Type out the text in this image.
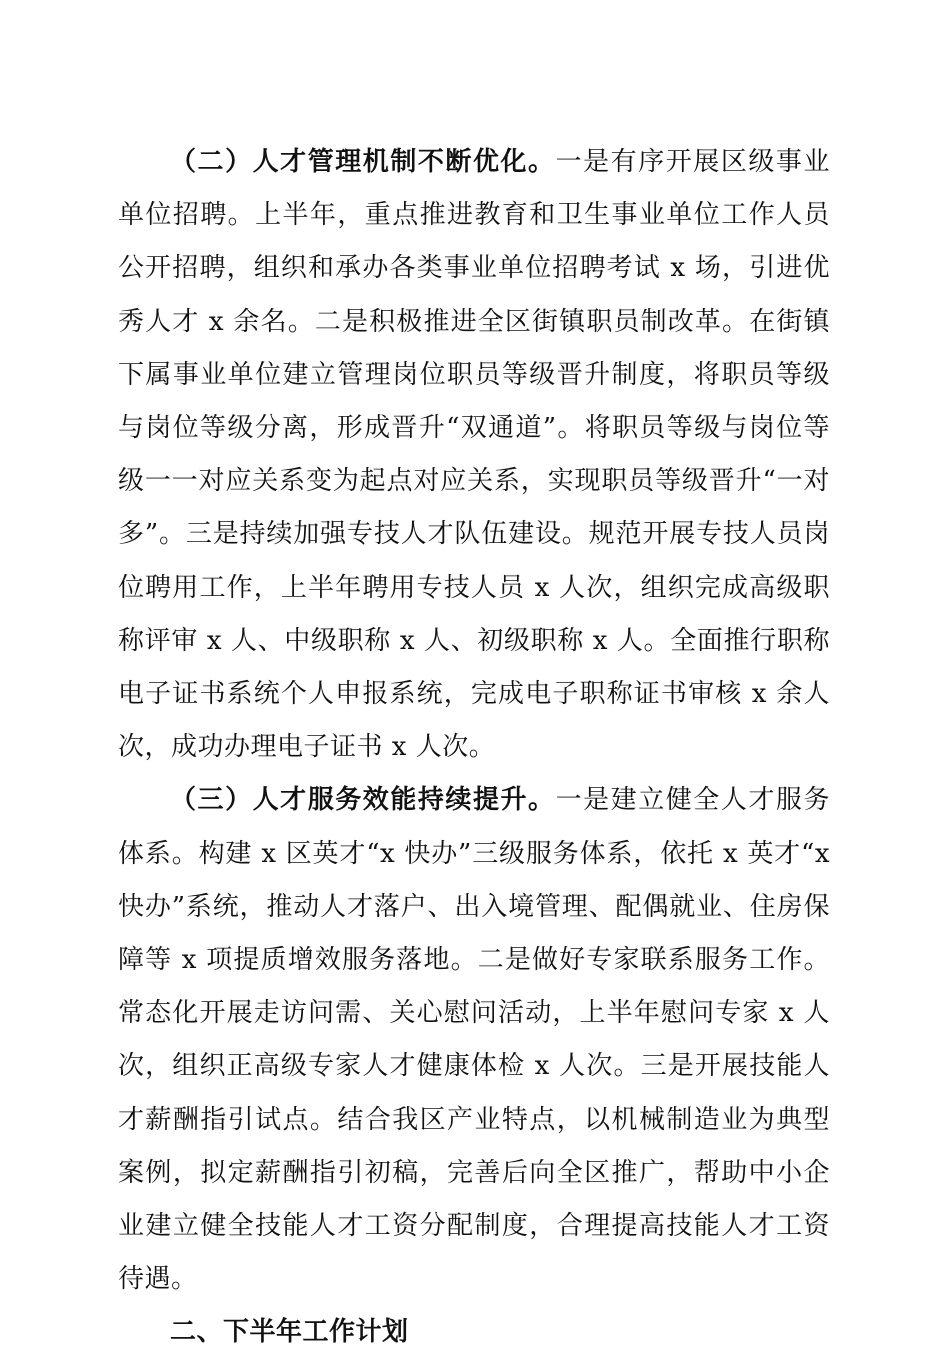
（二）人才管理机制不断优化。一是有序开展区级事业单位招聘。上半年，重点推进教育和卫生事业单位工作人员公开招聘，组织和承办各类事业单位招聘考试 x 场，引进优秀人才 x 余名。二是积极推进全区街镇职员制改革。在街镇下属事业单位建立管理岗位职员等级晋升制度，将职员等级与岗位等级分离，形成晋升“双通道”。将职员等级与岗位等级一一对应关系变为起点对应关系，实现职员等级晋升“一对多”。三是持续加强专技人才队伍建设。规范开展专技人员岗位聘用工作，上半年聘用专技人员 x 人次，组织完成高级职称评审 x 人、中级职称 x 人、初级职称 x 人。全面推行职称电子证书系统个人申报系统，完成电子职称证书审核 x 余人次，成功办理电子证书 x 人次。

（三）人才服务效能持续提升。一是建立健全人才服务体系。构建 x 区英才“x 快办”三级服务体系，依托 x 英才“x 快办”系统，推动人才落户、出入境管理、配偶就业、住房保障等 x 项提质增效服务落地。二是做好专家联系服务工作。常态化开展走访问需、关心慰问活动，上半年慰问专家 x 人次，组织正高级专家人才健康体检 x 人次。三是开展技能人才薪酬指引试点。结合我区产业特点，以机械制造业为典型案例，拟定薪酬指引初稿，完善后向全区推广，帮助中小企业建立健全技能人才工资分配制度，合理提高技能人才工资待遇。

二、下半年工作计划
